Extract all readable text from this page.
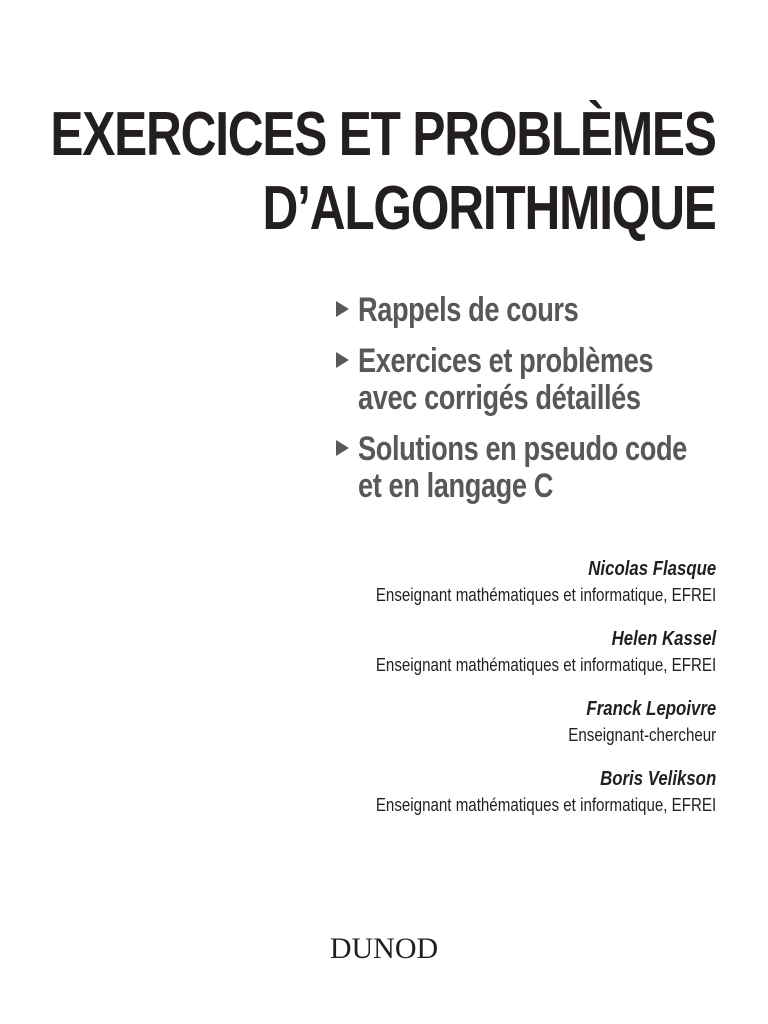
EXERCICES ET PROBLÈMES
D’ALGORITHMIQUE
Rappels de cours
Exercices et problèmes
avec corrigés détaillés
Solutions en pseudo code
et en langage C
Nicolas Flasque
Enseignant mathématiques et informatique, EFREI
Helen Kassel
Enseignant mathématiques et informatique, EFREI
Franck Lepoivre
Enseignant-chercheur
Boris Velikson
Enseignant mathématiques et informatique, EFREI
DUNOD
